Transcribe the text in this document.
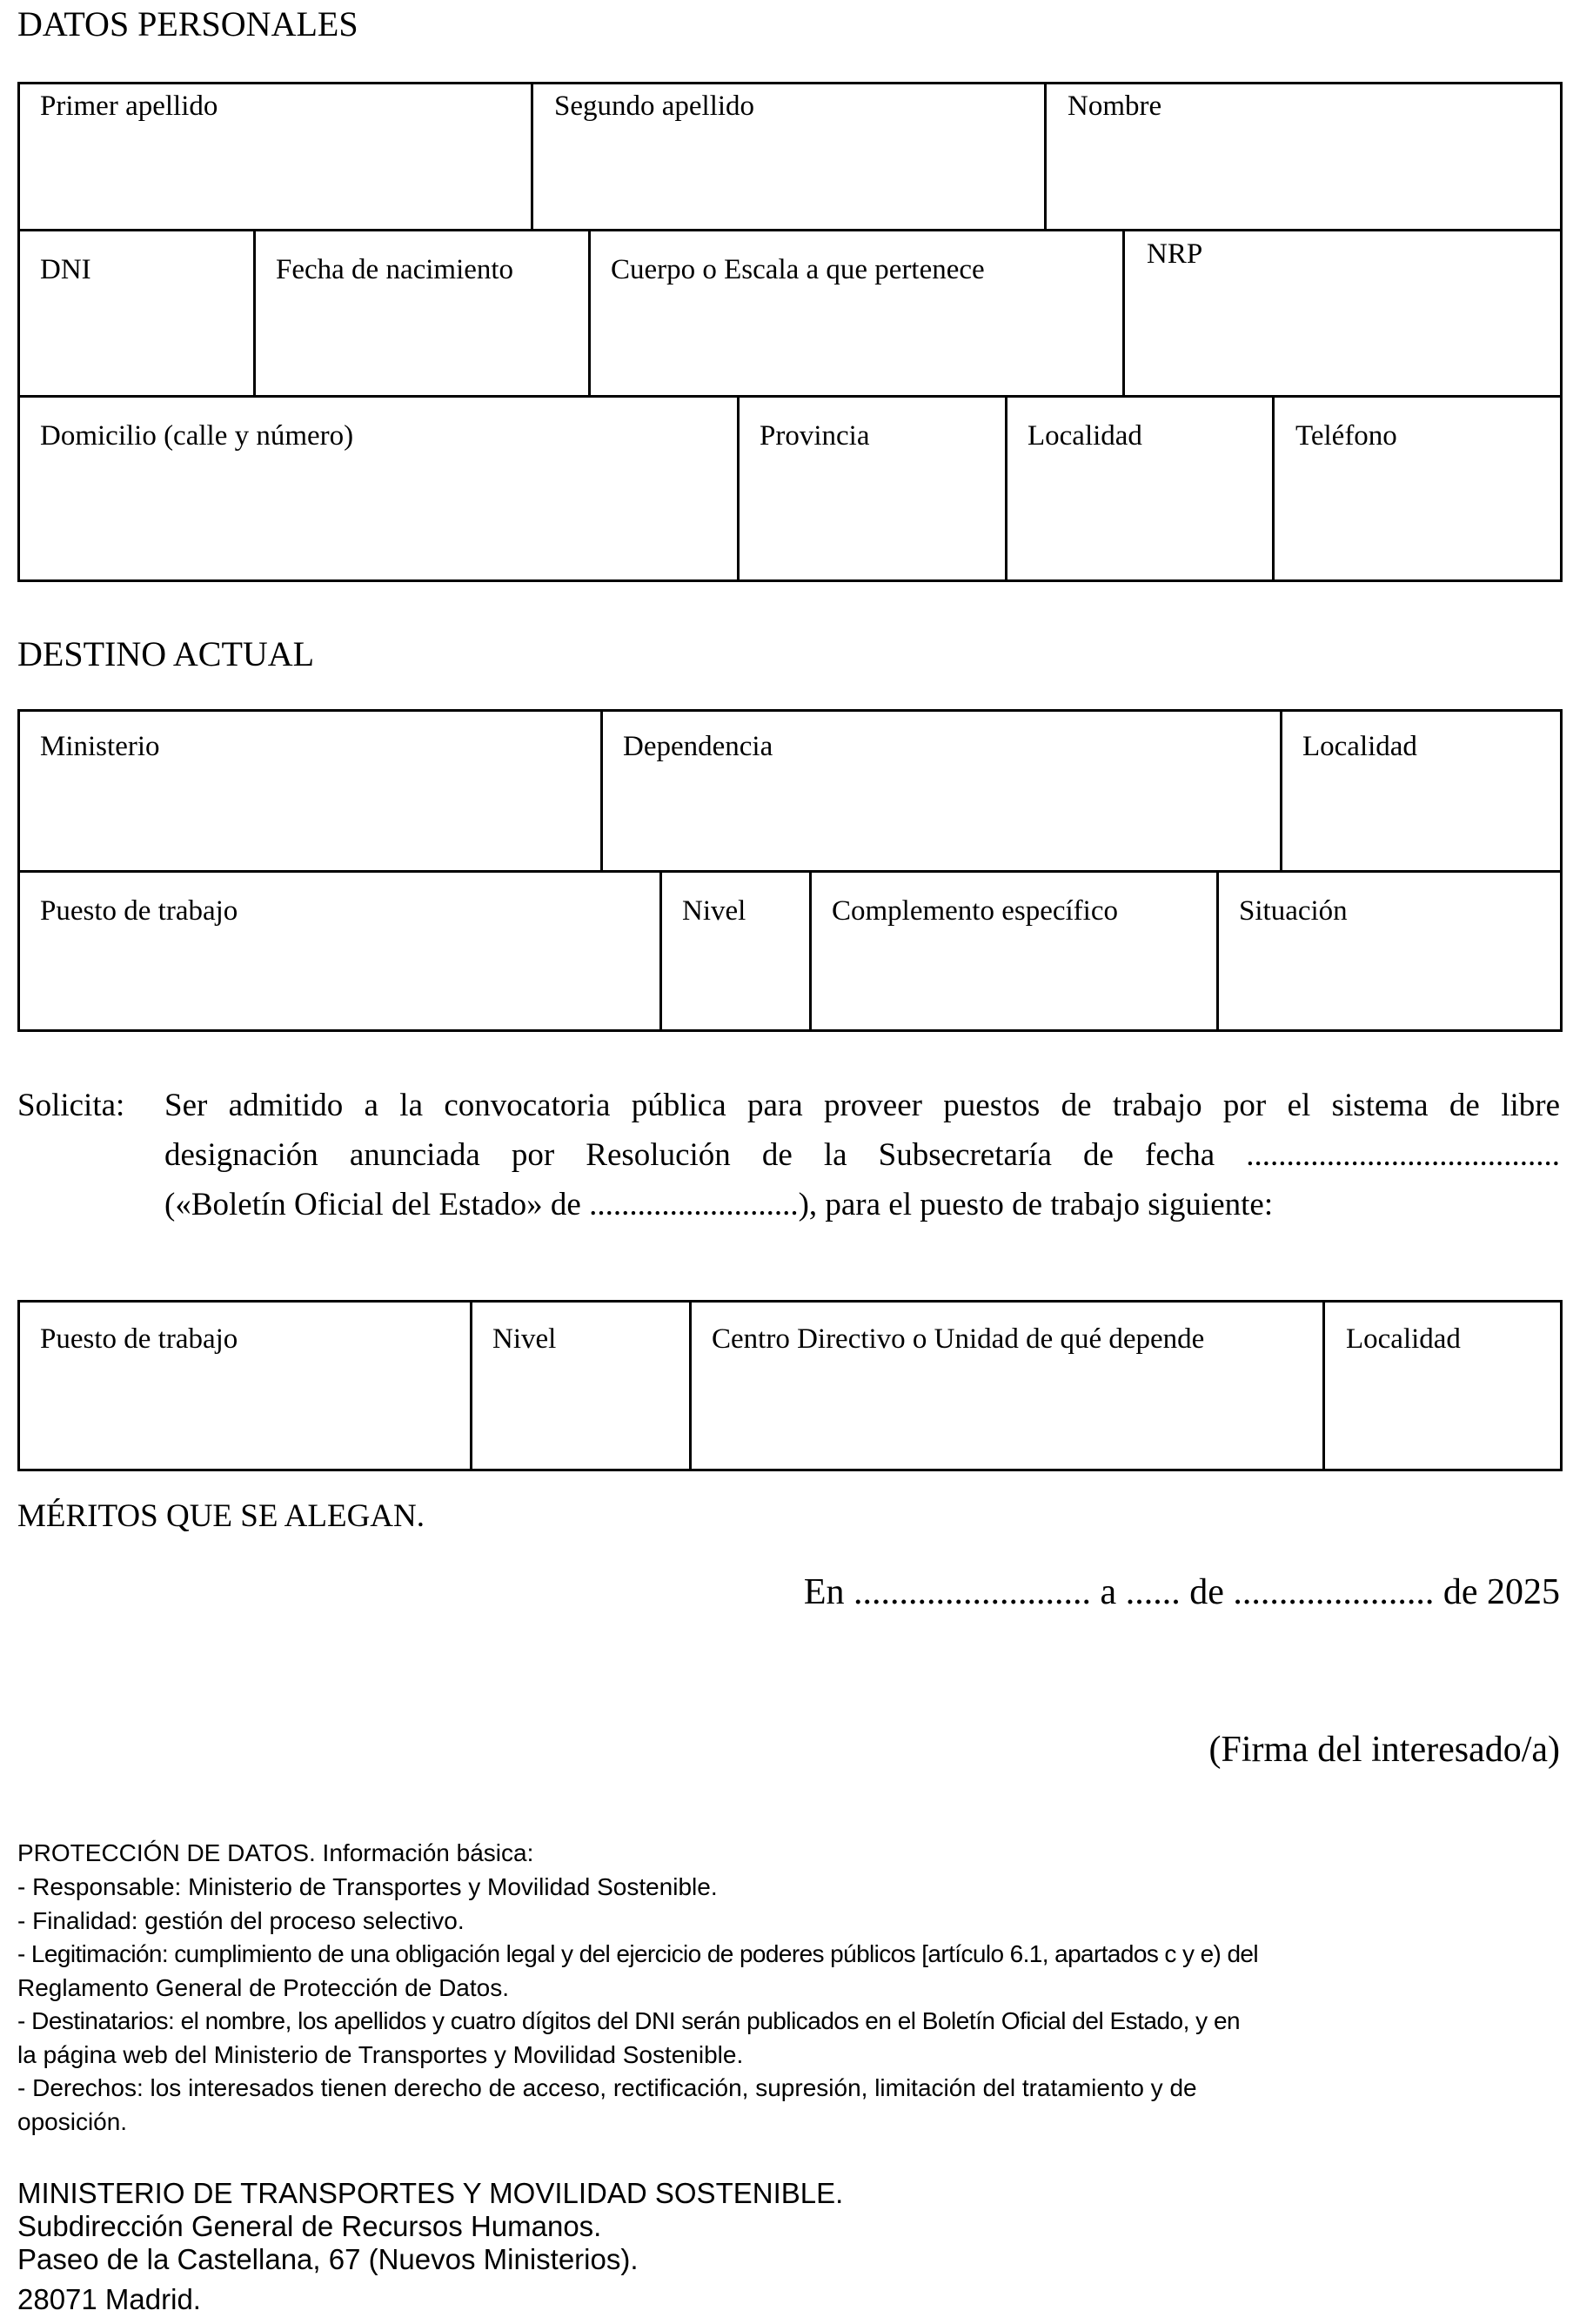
DATOS PERSONALES
Primer apellido	Segundo apellido	Nombre
DNI	Fecha de nacimiento	Cuerpo o Escala a que pertenece	NRP
Domicilio (calle y número)	Provincia	Localidad	Teléfono
DESTINO ACTUAL
Ministerio	Dependencia	Localidad
Puesto de trabajo	Nivel	Complemento específico	Situación
Solicita: Ser admitido a la convocatoria pública para proveer puestos de trabajo por el sistema de libre
designación anunciada por Resolución de la Subsecretaría de fecha .......................................
(«Boletín Oficial del Estado» de ..........................), para el puesto de trabajo siguiente:
Puesto de trabajo	Nivel	Centro Directivo o Unidad de qué depende	Localidad
MÉRITOS QUE SE ALEGAN.
En .......................... a ...... de ...................... de 2025
(Firma del interesado/a)
PROTECCIÓN DE DATOS. Información básica:
- Responsable: Ministerio de Transportes y Movilidad Sostenible.
- Finalidad: gestión del proceso selectivo.
- Legitimación: cumplimiento de una obligación legal y del ejercicio de poderes públicos [artículo 6.1, apartados c y e) del
Reglamento General de Protección de Datos.
- Destinatarios: el nombre, los apellidos y cuatro dígitos del DNI serán publicados en el Boletín Oficial del Estado, y en
la página web del Ministerio de Transportes y Movilidad Sostenible.
- Derechos: los interesados tienen derecho de acceso, rectificación, supresión, limitación del tratamiento y de
oposición.
MINISTERIO DE TRANSPORTES Y MOVILIDAD SOSTENIBLE.
Subdirección General de Recursos Humanos.
Paseo de la Castellana, 67 (Nuevos Ministerios).
28071 Madrid.
